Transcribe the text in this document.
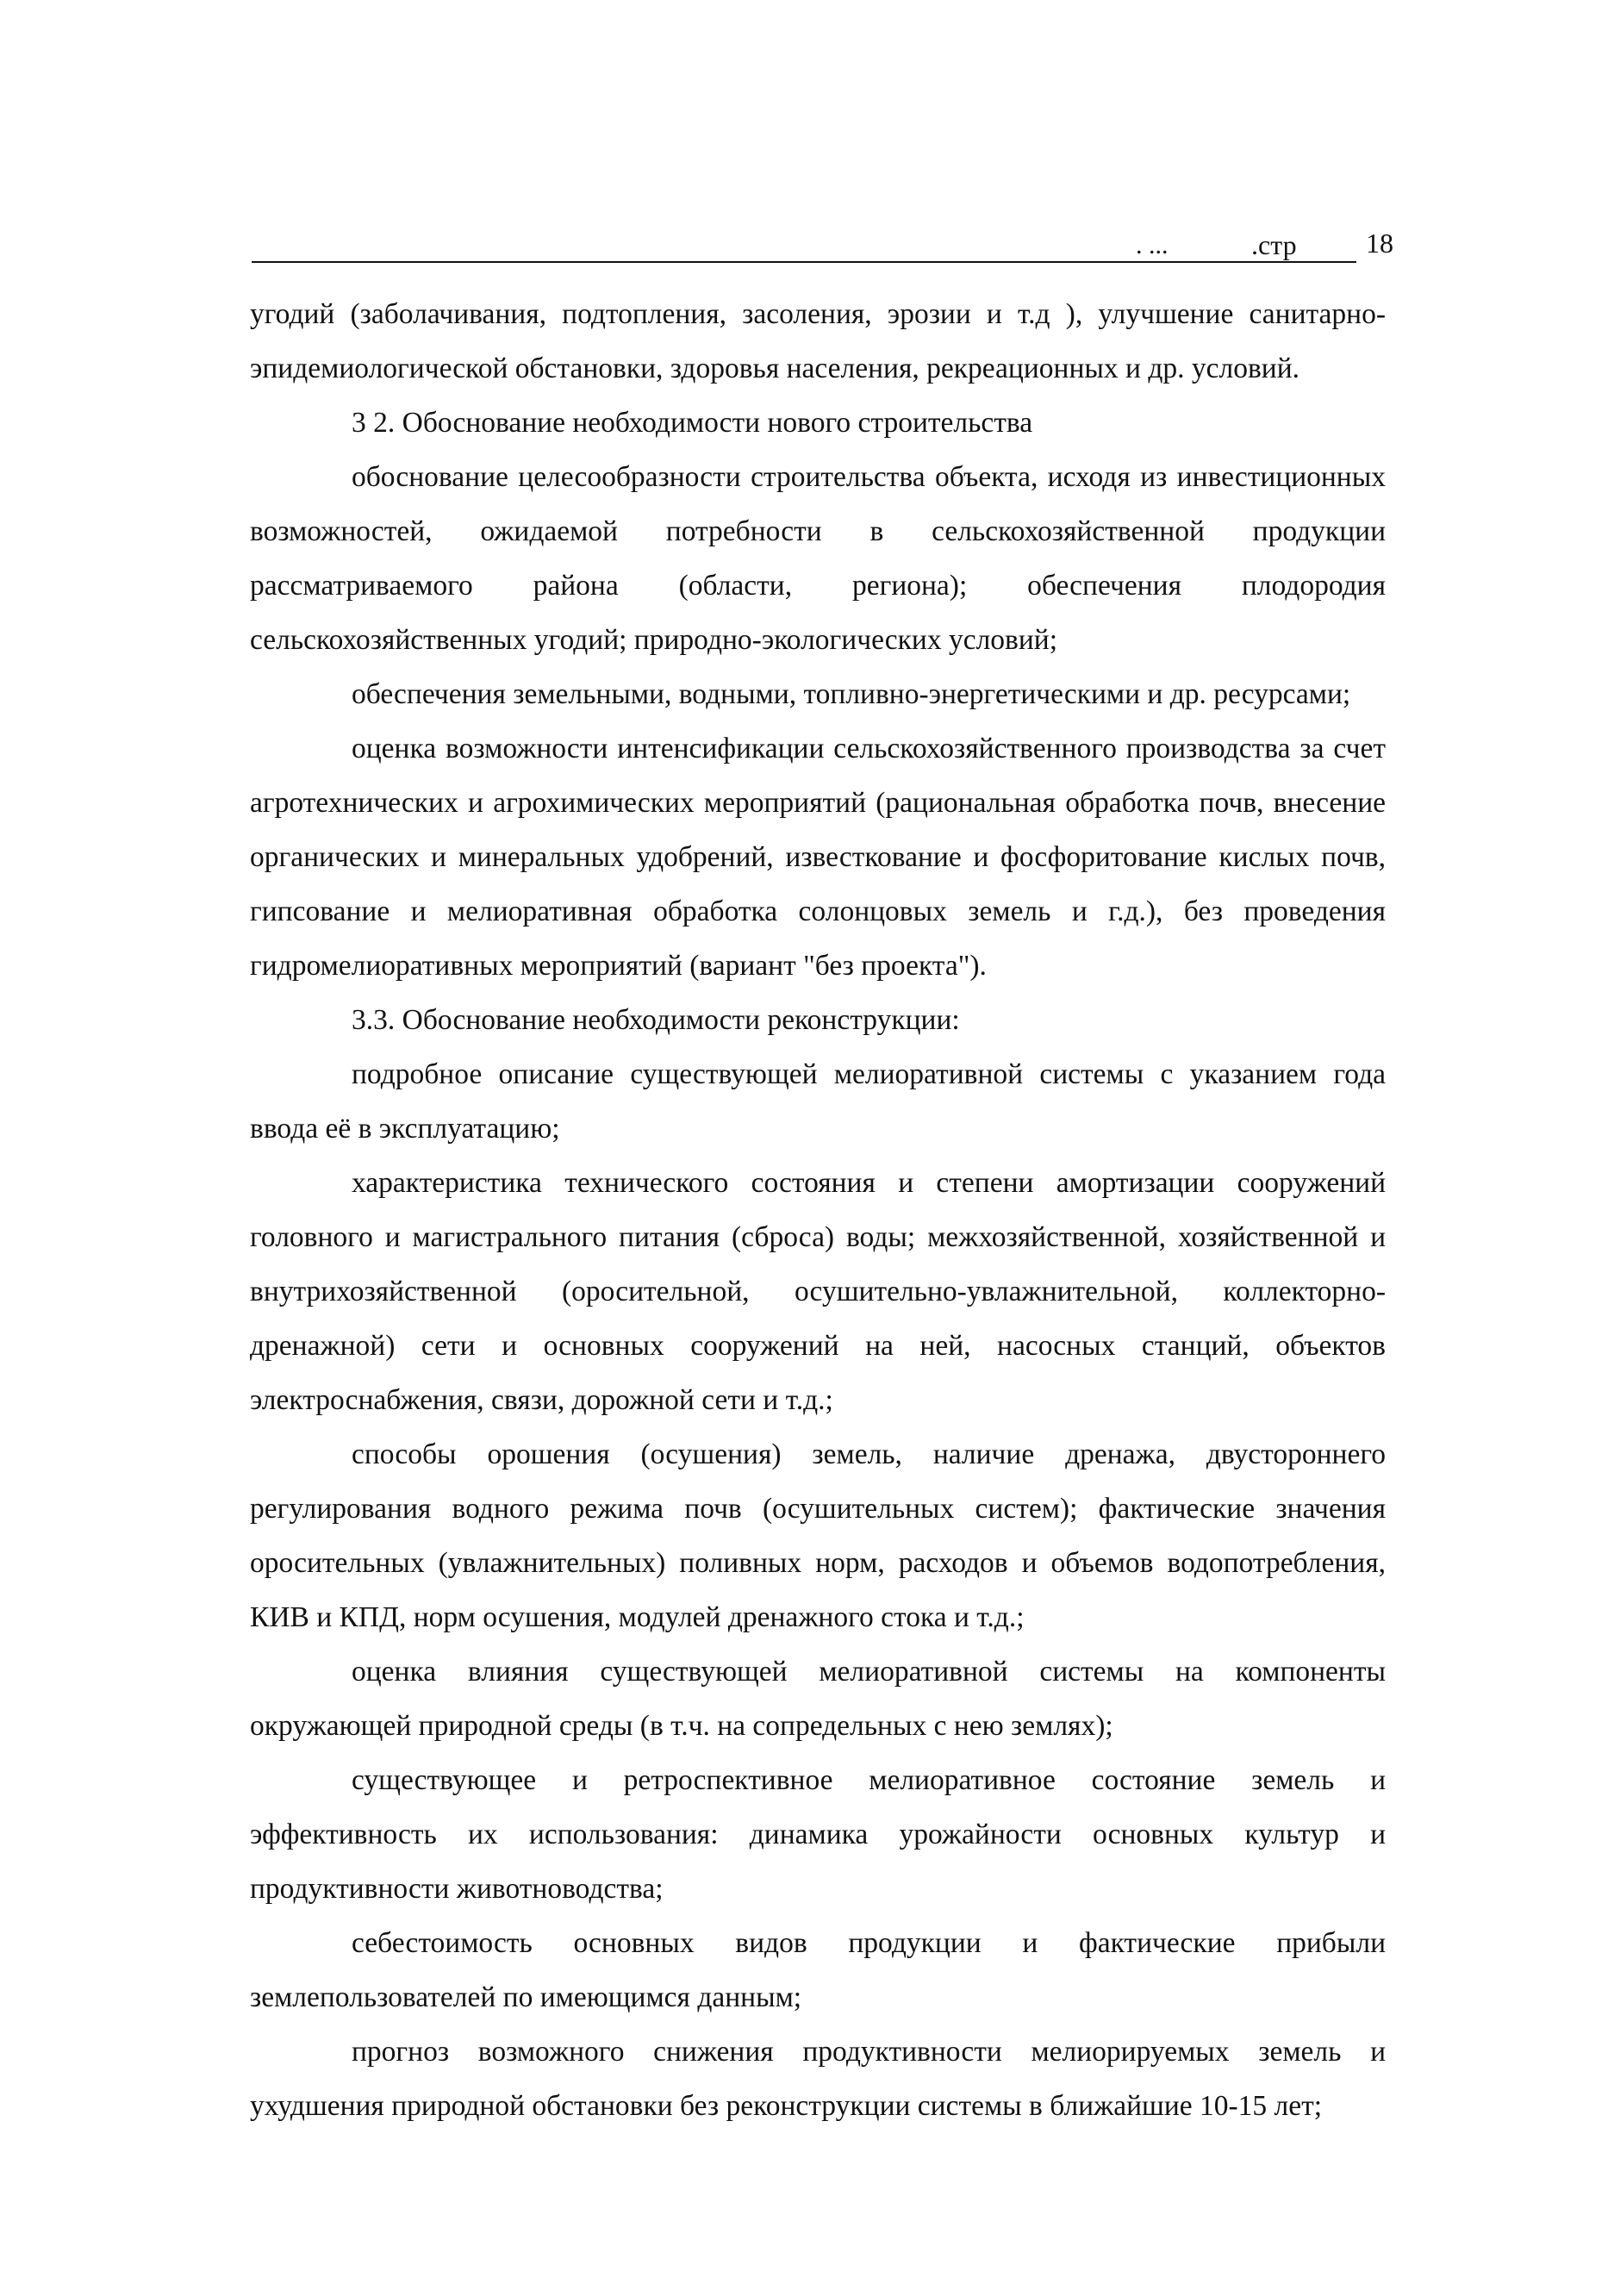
. ...	.стр	18

угодий (заболачивания, подтопления, засоления, эрозии и т.д ), улучшение санитарно-эпидемиологической обстановки, здоровья населения, рекреационных и др. условий.

3 2. Обоснование необходимости нового строительства

обоснование целесообразности строительства объекта, исходя из инвестиционных возможностей, ожидаемой потребности в сельскохозяйственной продукции рассматриваемого района (области, региона); обеспечения плодородия сельскохозяйственных угодий; природно-экологических условий;

обеспечения земельными, водными, топливно-энергетическими и др. ресурсами;

оценка возможности интенсификации сельскохозяйственного производства за счет агротехнических и агрохимических мероприятий (рациональная обработка почв, внесение органических и минеральных удобрений, известкование и фосфоритование кислых почв, гипсование и мелиоративная обработка солонцовых земель и г.д.), без проведения гидромелиоративных мероприятий (вариант "без проекта").

3.3. Обоснование необходимости реконструкции:

подробное описание существующей мелиоративной системы с указанием года ввода её в эксплуатацию;

характеристика технического состояния и степени амортизации сооружений головного и магистрального питания (сброса) воды; межхозяйственной, хозяйственной и внутрихозяйственной (оросительной, осушительно-увлажнительной, коллекторно-дренажной) сети и основных сооружений на ней, насосных станций, объектов электроснабжения, связи, дорожной сети и т.д.;

способы орошения (осушения) земель, наличие дренажа, двустороннего регулирования водного режима почв (осушительных систем); фактические значения оросительных (увлажнительных) поливных норм, расходов и объемов водопотребления, КИВ и КПД, норм осушения, модулей дренажного стока и т.д.;

оценка влияния существующей мелиоративной системы на компоненты окружающей природной среды (в т.ч. на сопредельных с нею землях);

существующее и ретроспективное мелиоративное состояние земель и эффективность их использования: динамика урожайности основных культур и продуктивности животноводства;

себестоимость основных видов продукции и фактические прибыли землепользователей по имеющимся данным;

прогноз возможного снижения продуктивности мелиорируемых земель и ухудшения природной обстановки без реконструкции системы в ближайшие 10-15 лет;
